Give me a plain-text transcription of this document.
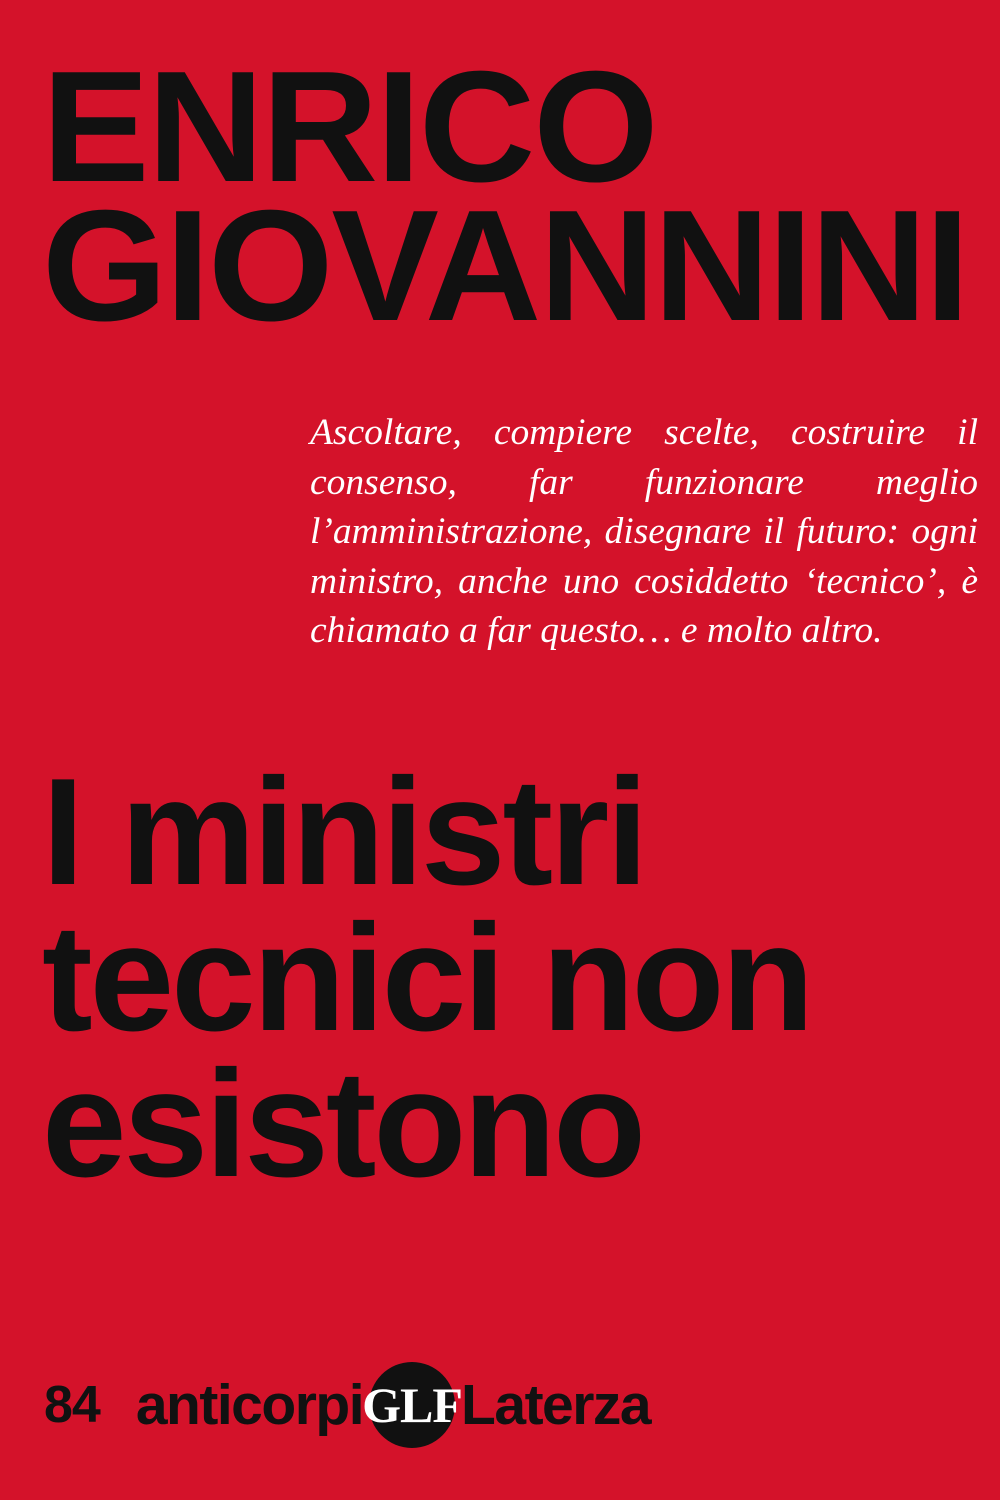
ENRICO
GIOVANNINI
Ascoltare, compiere scelte, costruire il consenso, far funzionare meglio l’amministrazione, disegnare il futuro: ogni ministro, anche uno cosiddetto ‘tecnico’, è chiamato a far questo… e molto altro.
I ministri
tecnici non
esistono
84 anticorpi GLF Laterza
